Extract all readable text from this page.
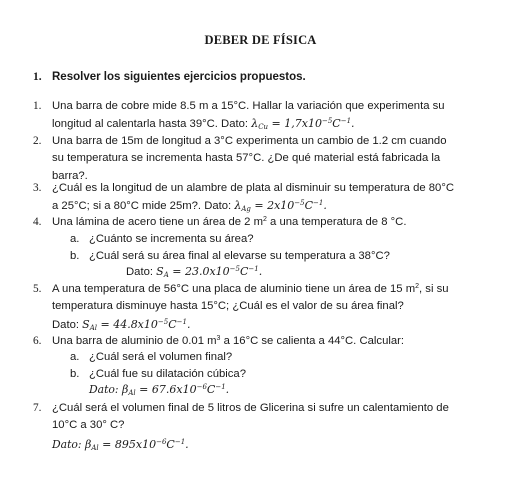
DEBER DE FÍSICA
1. Resolver los siguientes ejercicios propuestos.
1. Una barra de cobre mide 8.5 m a 15°C. Hallar la variación que experimenta su
longitud al calentarla hasta 39°C. Dato: $\lambda_{Cu} = 1,7x10^{-5}C^{-1}$.
2. Una barra de 15m de longitud a 3°C experimenta un cambio de 1.2 cm cuando
su temperatura se incrementa hasta 57°C. ¿De qué material está fabricada la
barra?.
3. ¿Cuál es la longitud de un alambre de plata al disminuir su temperatura de 80°C
a 25°C; si a 80°C mide 25m?. Dato: $\lambda_{Ag} = 2x10^{-5}C^{-1}$.
4. Una lámina de acero tiene un área de 2 $m^2$ a una temperatura de 8 °C.
a. ¿Cuánto se incrementa su área?
b. ¿Cuál será su área final al elevarse su temperatura a 38°C?
Dato: $S_A = 23.0x10^{-5}C^{-1}$.
5. A una temperatura de 56°C una placa de aluminio tiene un área de 15 $m^2$, si su
temperatura disminuye hasta 15°C; ¿Cuál es el valor de su área final?
Dato: $S_{Al} = 44.8x10^{-5}C^{-1}$.
6. Una barra de aluminio de 0.01 $m^3$ a 16°C se calienta a 44°C. Calcular:
a. ¿Cuál será el volumen final?
b. ¿Cuál fue su dilatación cúbica?
Dato: $\beta_{Al} = 67.6x10^{-6}C^{-1}$.
7. ¿Cuál será el volumen final de 5 litros de Glicerina si sufre un calentamiento de
10°C a 30° C?
Dato: $\beta_{Al} = 895x10^{-6}C^{-1}$.
